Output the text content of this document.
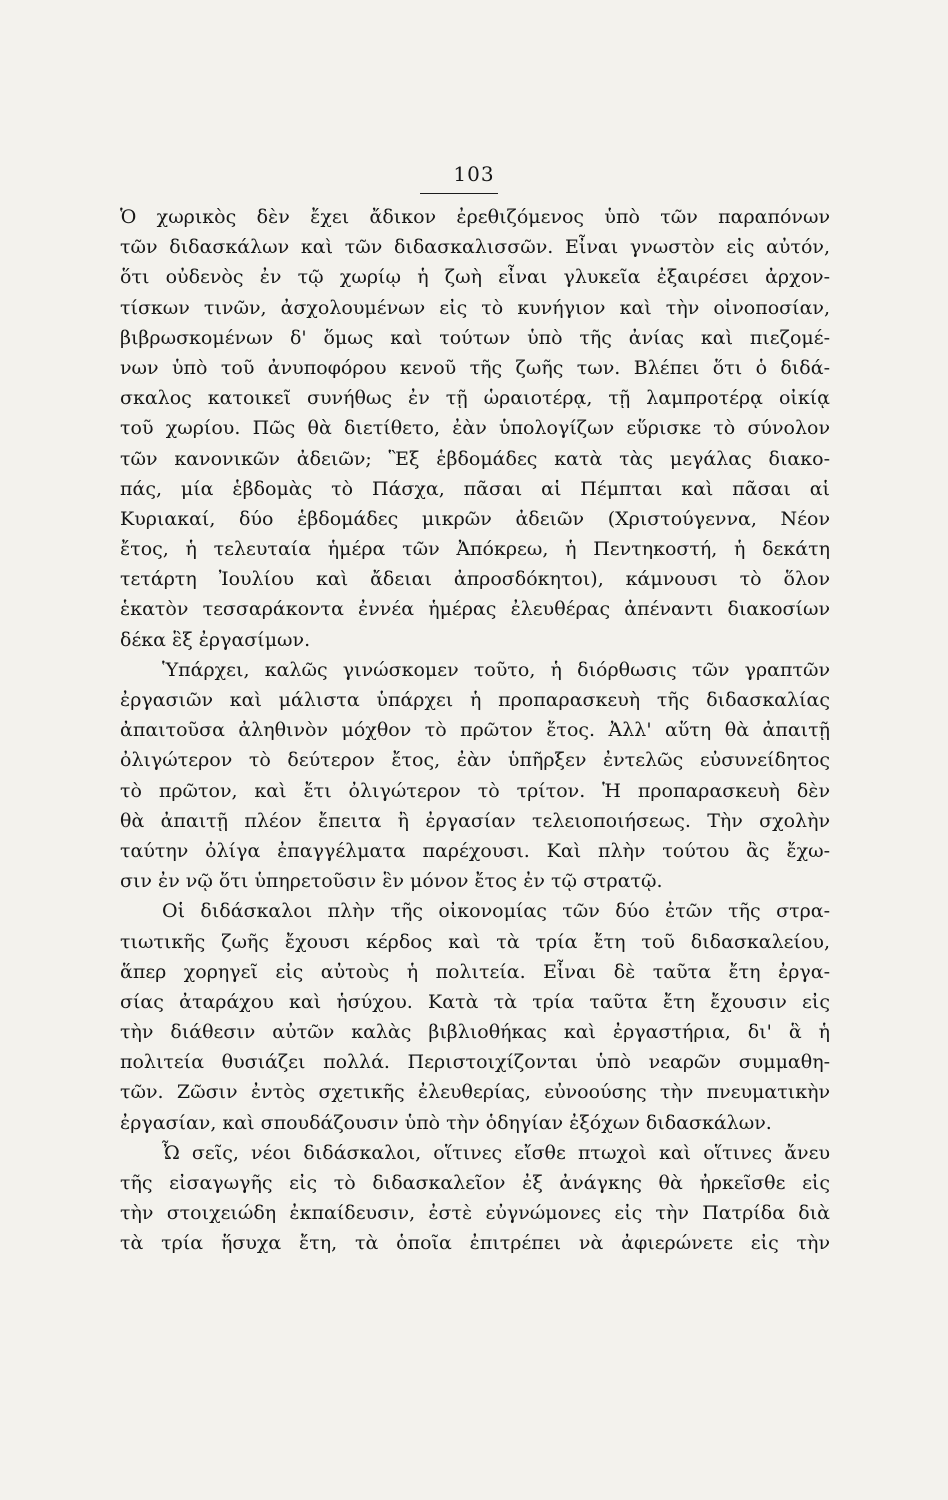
103
Ὁ χωρικὸς δὲν ἔχει ἄδικον ἐρεθιζόμενος ὑπὸ τῶν παραπόνων
τῶν διδασκάλων καὶ τῶν διδασκαλισσῶν. Εἶναι γνωστὸν εἰς αὐτόν,
ὅτι οὐδενὸς ἐν τῷ χωρίῳ ἡ ζωὴ εἶναι γλυκεῖα ἐξαιρέσει ἀρχον-
τίσκων τινῶν, ἀσχολουμένων εἰς τὸ κυνήγιον καὶ τὴν οἰνοποσίαν,
βιβρωσκομένων δ' ὅμως καὶ τούτων ὑπὸ τῆς ἀνίας καὶ πιεζομέ-
νων ὑπὸ τοῦ ἀνυποφόρου κενοῦ τῆς ζωῆς των. Βλέπει ὅτι ὁ διδά-
σκαλος κατοικεῖ συνήθως ἐν τῇ ὡραιοτέρᾳ, τῇ λαμπροτέρᾳ οἰκίᾳ
τοῦ χωρίου. Πῶς θὰ διετίθετο, ἐὰν ὑπολογίζων εὕρισκε τὸ σύνολον
τῶν κανονικῶν ἀδειῶν; Ἓξ ἑβδομάδες κατὰ τὰς μεγάλας διακο-
πάς, μία ἑβδομὰς τὸ Πάσχα, πᾶσαι αἱ Πέμπται καὶ πᾶσαι αἱ
Κυριακαί, δύο ἑβδομάδες μικρῶν ἀδειῶν (Χριστούγεννα, Νέον
ἔτος, ἡ τελευταία ἡμέρα τῶν Ἀπόκρεω, ἡ Πεντηκοστή, ἡ δεκάτη
τετάρτη Ἰουλίου καὶ ἄδειαι ἀπροσδόκητοι), κάμνουσι τὸ ὅλον
ἑκατὸν τεσσαράκοντα ἐννέα ἡμέρας ἐλευθέρας ἀπέναντι διακοσίων
δέκα ἓξ ἐργασίμων.
Ὑπάρχει, καλῶς γινώσκομεν τοῦτο, ἡ διόρθωσις τῶν γραπτῶν
ἐργασιῶν καὶ μάλιστα ὑπάρχει ἡ προπαρασκευὴ τῆς διδασκαλίας
ἀπαιτοῦσα ἀληθινὸν μόχθον τὸ πρῶτον ἔτος. Ἀλλ' αὕτη θὰ ἀπαιτῇ
ὀλιγώτερον τὸ δεύτερον ἔτος, ἐὰν ὑπῆρξεν ἐντελῶς εὐσυνείδητος
τὸ πρῶτον, καὶ ἔτι ὀλιγώτερον τὸ τρίτον. Ἡ προπαρασκευὴ δὲν
θὰ ἀπαιτῇ πλέον ἔπειτα ἢ ἐργασίαν τελειοποιήσεως. Τὴν σχολὴν
ταύτην ὀλίγα ἐπαγγέλματα παρέχουσι. Καὶ πλὴν τούτου ἂς ἔχω-
σιν ἐν νῷ ὅτι ὑπηρετοῦσιν ἓν μόνον ἔτος ἐν τῷ στρατῷ.
Οἱ διδάσκαλοι πλὴν τῆς οἰκονομίας τῶν δύο ἐτῶν τῆς στρα-
τιωτικῆς ζωῆς ἔχουσι κέρδος καὶ τὰ τρία ἔτη τοῦ διδασκαλείου,
ἅπερ χορηγεῖ εἰς αὐτοὺς ἡ πολιτεία. Εἶναι δὲ ταῦτα ἔτη ἐργα-
σίας ἀταράχου καὶ ἡσύχου. Κατὰ τὰ τρία ταῦτα ἔτη ἔχουσιν εἰς
τὴν διάθεσιν αὐτῶν καλὰς βιβλιοθήκας καὶ ἐργαστήρια, δι' ἃ ἡ
πολιτεία θυσιάζει πολλά. Περιστοιχίζονται ὑπὸ νεαρῶν συμμαθη-
τῶν. Ζῶσιν ἐντὸς σχετικῆς ἐλευθερίας, εὐνοούσης τὴν πνευματικὴν
ἐργασίαν, καὶ σπουδάζουσιν ὑπὸ τὴν ὁδηγίαν ἐξόχων διδασκάλων.
Ὦ σεῖς, νέοι διδάσκαλοι, οἵτινες εἴσθε πτωχοὶ καὶ οἵτινες ἄνευ
τῆς εἰσαγωγῆς εἰς τὸ διδασκαλεῖον ἐξ ἀνάγκης θὰ ἠρκεῖσθε εἰς
τὴν στοιχειώδη ἐκπαίδευσιν, ἐστὲ εὐγνώμονες εἰς τὴν Πατρίδα διὰ
τὰ τρία ἥσυχα ἔτη, τὰ ὁποῖα ἐπιτρέπει νὰ ἀφιερώνετε εἰς τὴν
